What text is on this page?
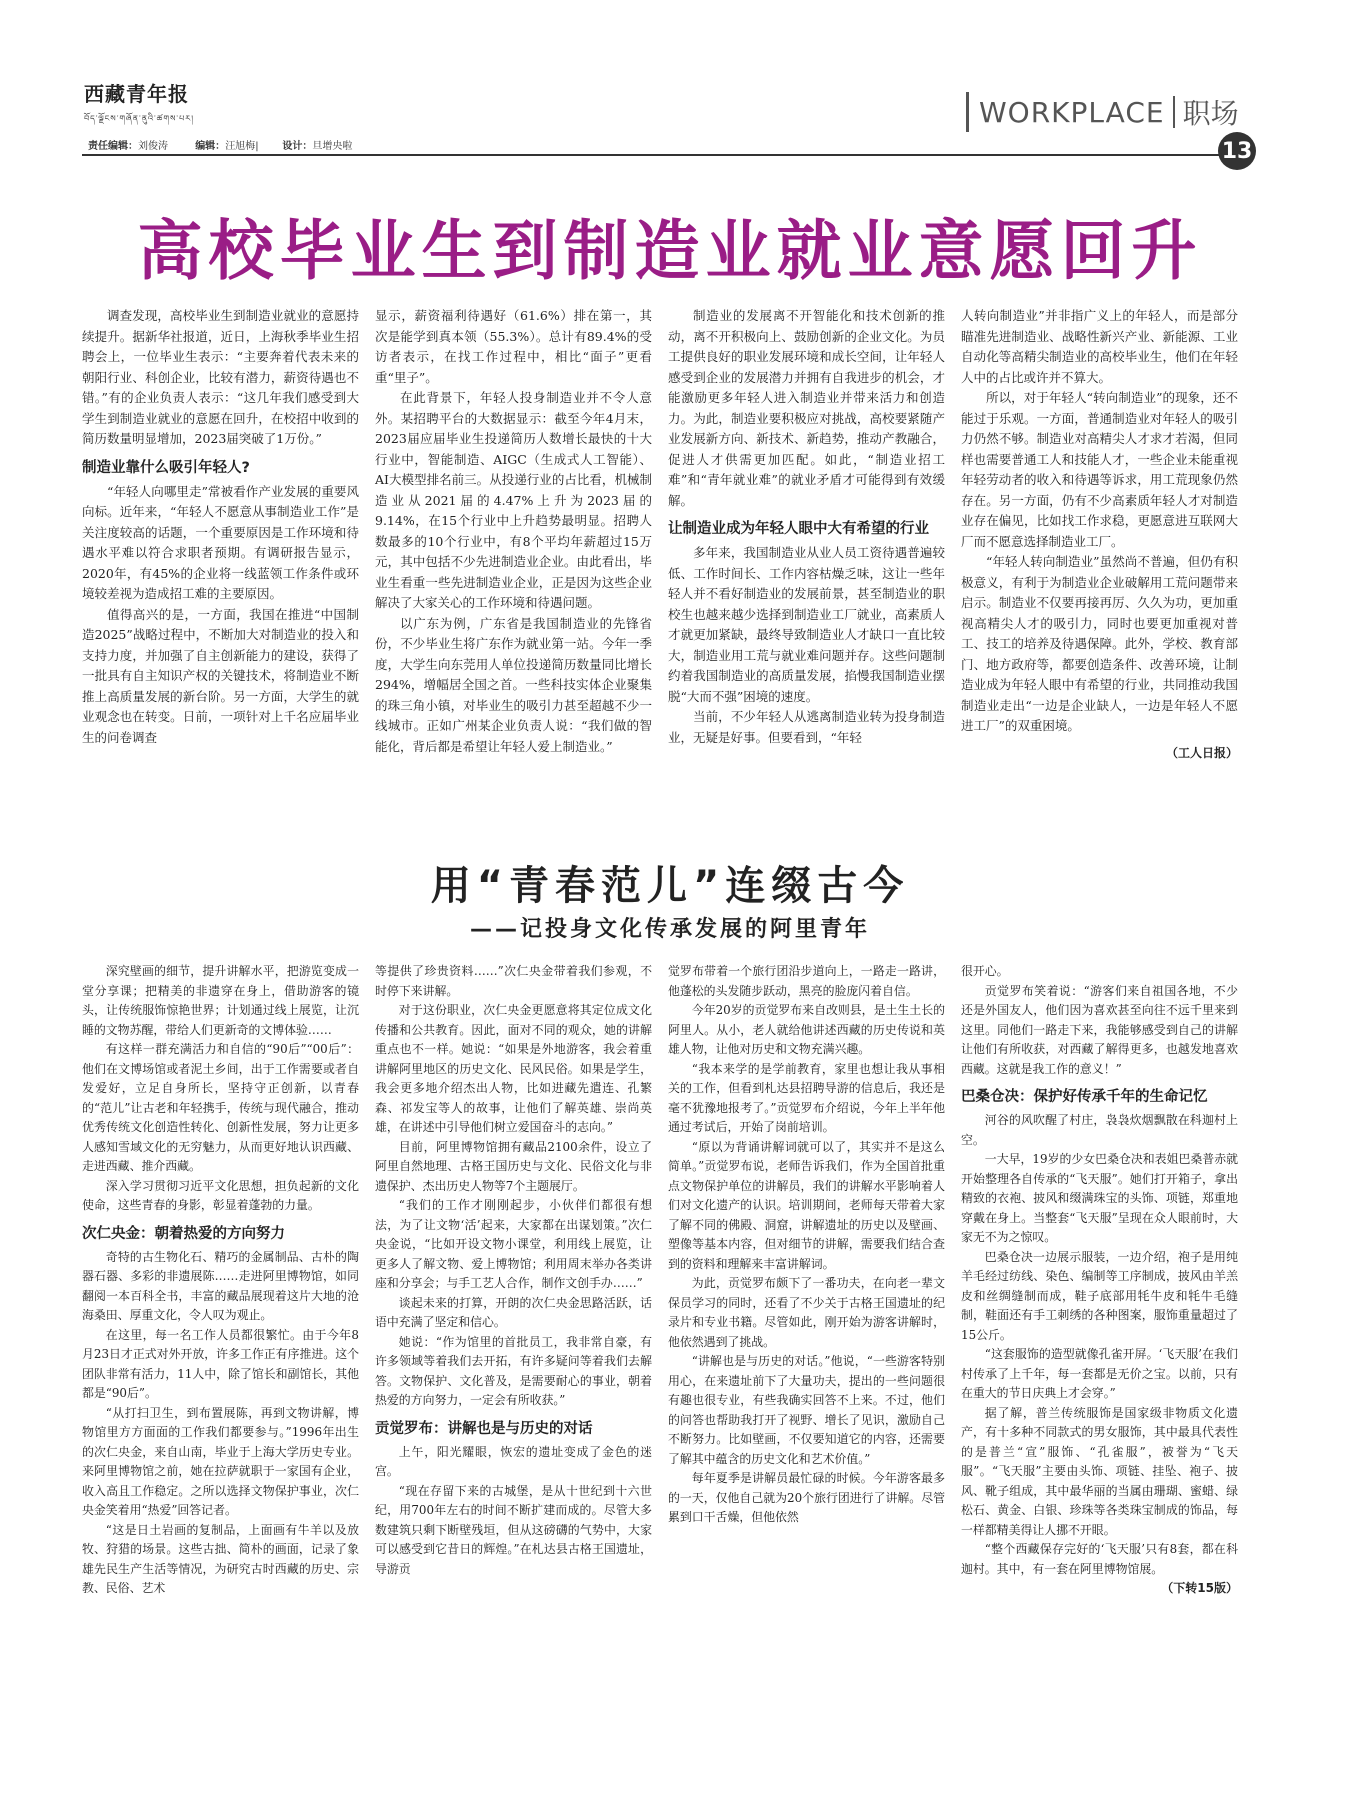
西藏青年报
བོད་ལྗོངས་གཞོན་ནུའི་ཚགས་པར།	WORKPLACE 职场
责任编辑：刘俊涛	编辑：汪旭梅| 设计：旦增央啦	13
高校毕业生到制造业就业意愿回升

调查发现，高校毕业生到制造业就业的意愿持续提升。据新华社报道，近日，上海秋季毕业生招聘会上，一位毕业生表示：“主要奔着代表未来的朝阳行业、科创企业，比较有潜力，薪资待遇也不错。”有的企业负责人表示：“这几年我们感受到大学生到制造业就业的意愿在回升，在校招中收到的简历数量明显增加，2023届突破了1万份。”

制造业靠什么吸引年轻人?

“年轻人向哪里走”常被看作产业发展的重要风向标。近年来，“年轻人不愿意从事制造业工作”是关注度较高的话题，一个重要原因是工作环境和待遇水平难以符合求职者预期。有调研报告显示，2020年，有45%的企业将一线蓝领工作条件或环境较差视为造成招工难的主要原因。

值得高兴的是，一方面，我国在推进“中国制造2025”战略过程中，不断加大对制造业的投入和支持力度，并加强了自主创新能力的建设，获得了一批具有自主知识产权的关键技术，将制造业不断推上高质量发展的新台阶。另一方面，大学生的就业观念也在转变。日前，一项针对上千名应届毕业生的问卷调查

显示，薪资福利待遇好（61.6%）排在第一，其次是能学到真本领（55.3%）。总计有89.4%的受访者表示，在找工作过程中，相比“面子”更看重“里子”。

在此背景下，年轻人投身制造业并不令人意外。某招聘平台的大数据显示：截至今年4月末，2023届应届毕业生投递简历人数增长最快的十大行业中，智能制造、AIGC（生成式人工智能）、AI大模型排名前三。从投递行业的占比看，机械制造业从2021届的4.47%上升为2023届的9.14%，在15个行业中上升趋势最明显。招聘人数最多的10个行业中，有8个平均年薪超过15万元，其中包括不少先进制造业企业。由此看出，毕业生看重一些先进制造业企业，正是因为这些企业解决了大家关心的工作环境和待遇问题。

以广东为例，广东省是我国制造业的先锋省份，不少毕业生将广东作为就业第一站。今年一季度，大学生向东莞用人单位投递简历数量同比增长294%，增幅居全国之首。一些科技实体企业聚集的珠三角小镇，对毕业生的吸引力甚至超越不少一线城市。正如广州某企业负责人说：“我们做的智能化，背后都是希望让年轻人爱上制造业。”

制造业的发展离不开智能化和技术创新的推动，离不开积极向上、鼓励创新的企业文化。为员工提供良好的职业发展环境和成长空间，让年轻人感受到企业的发展潜力并拥有自我进步的机会，才能激励更多年轻人进入制造业并带来活力和创造力。为此，制造业要积极应对挑战，高校要紧随产业发展新方向、新技术、新趋势，推动产教融合，促进人才供需更加匹配。如此，“制造业招工难”和“青年就业难”的就业矛盾才可能得到有效缓解。

让制造业成为年轻人眼中大有希望的行业

多年来，我国制造业从业人员工资待遇普遍较低、工作时间长、工作内容枯燥乏味，这让一些年轻人并不看好制造业的发展前景，甚至制造业的职校生也越来越少选择到制造业工厂就业，高素质人才就更加紧缺，最终导致制造业人才缺口一直比较大，制造业用工荒与就业难问题并存。这些问题制约着我国制造业的高质量发展，掐慢我国制造业摆脱“大而不强”困境的速度。

当前，不少年轻人从逃离制造业转为投身制造业，无疑是好事。但要看到，“年轻

人转向制造业”并非指广义上的年轻人，而是部分瞄准先进制造业、战略性新兴产业、新能源、工业自动化等高精尖制造业的高校毕业生，他们在年轻人中的占比或许并不算大。

所以，对于年轻人“转向制造业”的现象，还不能过于乐观。一方面，普通制造业对年轻人的吸引力仍然不够。制造业对高精尖人才求才若渴，但同样也需要普通工人和技能人才，一些企业未能重视年轻劳动者的收入和待遇等诉求，用工荒现象仍然存在。另一方面，仍有不少高素质年轻人才对制造业存在偏见，比如找工作求稳，更愿意进互联网大厂而不愿意选择制造业工厂。

“年轻人转向制造业”虽然尚不普遍，但仍有积极意义，有利于为制造业企业破解用工荒问题带来启示。制造业不仅要再接再厉、久久为功，更加重视高精尖人才的吸引力，同时也要更加重视对普工、技工的培养及待遇保障。此外，学校、教育部门、地方政府等，都要创造条件、改善环境，让制造业成为年轻人眼中有希望的行业，共同推动我国制造业走出“一边是企业缺人，一边是年轻人不愿进工厂”的双重困境。

（工人日报）
用“青春范儿”连缀古今
——记投身文化传承发展的阿里青年

深究壁画的细节，提升讲解水平，把游览变成一堂分享课；把精美的非遗穿在身上，借助游客的镜头，让传统服饰惊艳世界；计划通过线上展览，让沉睡的文物苏醒，带给人们更新奇的文博体验……

有这样一群充满活力和自信的“90后”“00后”：他们在文博场馆或者泥土乡间，出于工作需要或者自发爱好，立足自身所长，坚持守正创新，以青春的“范儿”让古老和年轻携手，传统与现代融合，推动优秀传统文化创造性转化、创新性发展，努力让更多人感知雪域文化的无穷魅力，从而更好地认识西藏、走进西藏、推介西藏。

深入学习贯彻习近平文化思想，担负起新的文化使命，这些青春的身影，彰显着蓬勃的力量。

次仁央金：朝着热爱的方向努力

奇特的古生物化石、精巧的金属制品、古朴的陶器石器、多彩的非遗展陈……走进阿里博物馆，如同翻阅一本百科全书，丰富的藏品展现着这片大地的沧海桑田、厚重文化，令人叹为观止。

在这里，每一名工作人员都很繁忙。由于今年8月23日才正式对外开放，许多工作正有序推进。这个团队非常有活力，11人中，除了馆长和副馆长，其他都是“90后”。

“从打扫卫生，到布置展陈，再到文物讲解，博物馆里方方面面的工作我们都要参与。”1996年出生的次仁央金，来自山南，毕业于上海大学历史专业。来阿里博物馆之前，她在拉萨就职于一家国有企业，收入高且工作稳定。之所以选择文物保护事业，次仁央金笑着用“热爱”回答记者。

“这是日土岩画的复制品，上面画有牛羊以及放牧、狩猎的场景。这些古拙、简朴的画面，记录了象雄先民生产生活等情况，为研究古时西藏的历史、宗教、民俗、艺术

等提供了珍贵资料……”次仁央金带着我们参观，不时停下来讲解。

对于这份职业，次仁央金更愿意将其定位成文化传播和公共教育。因此，面对不同的观众，她的讲解重点也不一样。她说：“如果是外地游客，我会着重讲解阿里地区的历史文化、民风民俗。如果是学生，我会更多地介绍杰出人物，比如进藏先遣连、孔繁森、祁发宝等人的故事，让他们了解英雄、崇尚英雄，在讲述中引导他们树立爱国奋斗的志向。”

目前，阿里博物馆拥有藏品2100余件，设立了阿里自然地理、古格王国历史与文化、民俗文化与非遗保护、杰出历史人物等7个主题展厅。

“我们的工作才刚刚起步，小伙伴们都很有想法，为了让文物‘活’起来，大家都在出谋划策。”次仁央金说，“比如开设文物小课堂，利用线上展览，让更多人了解文物、爱上博物馆；利用周末举办各类讲座和分享会；与手工艺人合作，制作文创手办……”

谈起未来的打算，开朗的次仁央金思路活跃，话语中充满了坚定和信心。

她说：“作为馆里的首批员工，我非常自豪，有许多领域等着我们去开拓，有许多疑问等着我们去解答。文物保护、文化普及，是需要耐心的事业，朝着热爱的方向努力，一定会有所收获。”

贡觉罗布：讲解也是与历史的对话

上午，阳光耀眼，恢宏的遗址变成了金色的迷宫。

“现在存留下来的古城堡，是从十世纪到十六世纪，用700年左右的时间不断扩建而成的。尽管大多数建筑只剩下断壁残垣，但从这磅礴的气势中，大家可以感受到它昔日的辉煌。”在札达县古格王国遗址，导游贡

觉罗布带着一个旅行团沿步道向上，一路走一路讲，他蓬松的头发随步跃动，黑亮的脸庞闪着自信。

今年20岁的贡觉罗布来自改则县，是土生土长的阿里人。从小，老人就给他讲述西藏的历史传说和英雄人物，让他对历史和文物充满兴趣。

“我本来学的是学前教育，家里也想让我从事相关的工作，但看到札达县招聘导游的信息后，我还是毫不犹豫地报考了。”贡觉罗布介绍说，今年上半年他通过考试后，开始了岗前培训。

“原以为背诵讲解词就可以了，其实并不是这么简单。”贡觉罗布说，老师告诉我们，作为全国首批重点文物保护单位的讲解员，我们的讲解水平影响着人们对文化遗产的认识。培训期间，老师每天带着大家了解不同的佛殿、洞窟，讲解遗址的历史以及壁画、塑像等基本内容，但对细节的讲解，需要我们结合查到的资料和理解来丰富讲解词。

为此，贡觉罗布颇下了一番功夫，在向老一辈文保员学习的同时，还看了不少关于古格王国遗址的纪录片和专业书籍。尽管如此，刚开始为游客讲解时，他依然遇到了挑战。

“讲解也是与历史的对话。”他说，“一些游客特别用心，在来遗址前下了大量功夫，提出的一些问题很有趣也很专业，有些我确实回答不上来。不过，他们的问答也帮助我打开了视野、增长了见识，激励自己不断努力。比如壁画，不仅要知道它的内容，还需要了解其中蕴含的历史文化和艺术价值。”

每年夏季是讲解员最忙碌的时候。今年游客最多的一天，仅他自己就为20个旅行团进行了讲解。尽管累到口干舌燥，但他依然

很开心。

贡觉罗布笑着说：“游客们来自祖国各地，不少还是外国友人，他们因为喜欢甚至向往不远千里来到这里。同他们一路走下来，我能够感受到自己的讲解让他们有所收获，对西藏了解得更多，也越发地喜欢西藏。这就是我工作的意义！”

巴桑仓决：保护好传承千年的生命记忆

河谷的风吹醒了村庄，袅袅炊烟飘散在科迦村上空。

一大早，19岁的少女巴桑仓决和表姐巴桑普赤就开始整理各自传承的“飞天服”。她们打开箱子，拿出精致的衣袍、披风和缀满珠宝的头饰、项链，郑重地穿戴在身上。当整套“飞天服”呈现在众人眼前时，大家无不为之惊叹。

巴桑仓决一边展示服装，一边介绍，袍子是用纯羊毛经过纺线、染色、编制等工序制成，披风由羊羔皮和丝绸缝制而成，鞋子底部用牦牛皮和牦牛毛缝制，鞋面还有手工刺绣的各种图案，服饰重量超过了15公斤。

“这套服饰的造型就像孔雀开屏。‘飞天服’在我们村传承了上千年，每一套都是无价之宝。以前，只有在重大的节日庆典上才会穿。”

据了解，普兰传统服饰是国家级非物质文化遗产，有十多种不同款式的男女服饰，其中最具代表性的是普兰“宣”服饰、“孔雀服”，被誉为“飞天服”。“飞天服”主要由头饰、项链、挂坠、袍子、披风、靴子组成，其中最华丽的当属由珊瑚、蜜蜡、绿松石、黄金、白银、珍珠等各类珠宝制成的饰品，每一样都精美得让人挪不开眼。

“整个西藏保存完好的‘飞天服’只有8套，都在科迦村。其中，有一套在阿里博物馆展。

（下转15版）
